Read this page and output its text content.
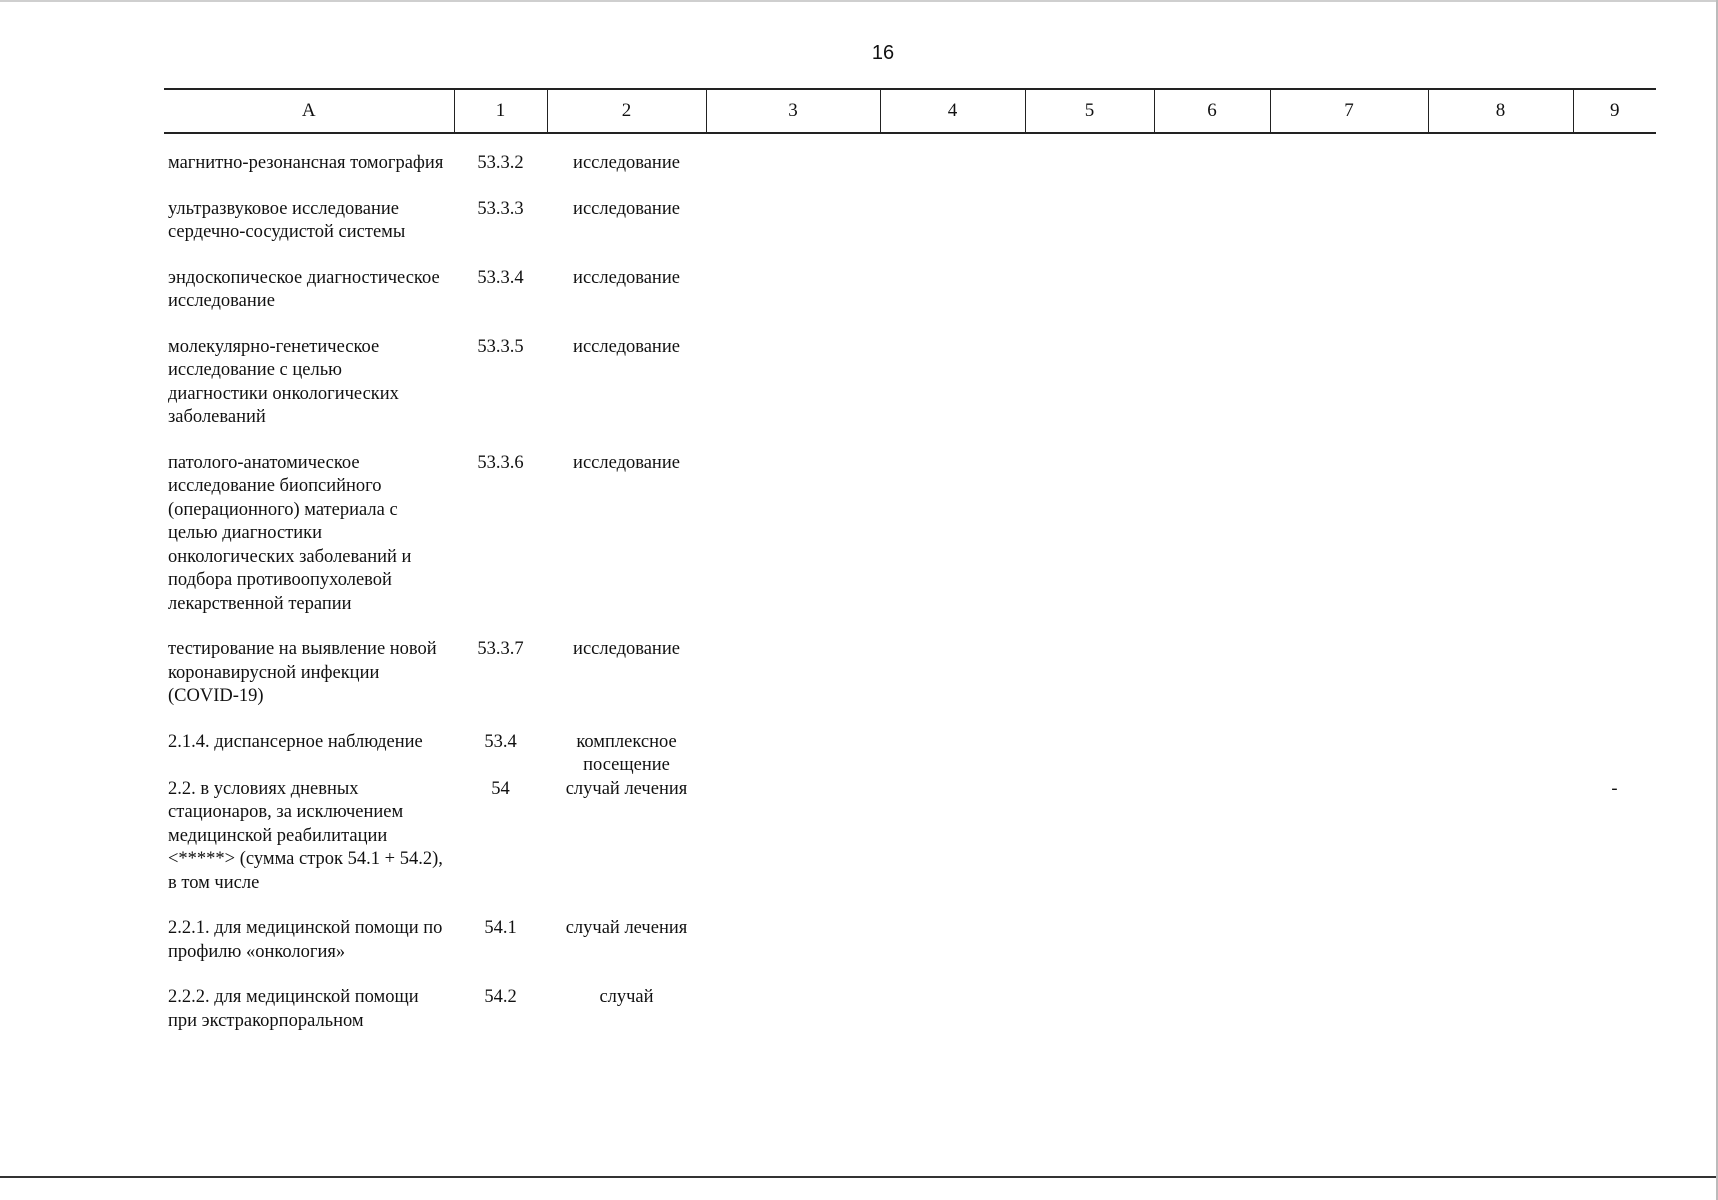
16
А	1	2	3	4	5	6	7	8	9

магнитно-резонансная томография	53.3.2	исследование							
ультразвуковое исследование сердечно-сосудистой системы	53.3.3	исследование							
эндоскопическое диагностическое исследование	53.3.4	исследование							
молекулярно-генетическое исследование с целью диагностики онкологических заболеваний	53.3.5	исследование							
патолого-анатомическое исследование биопсийного (операционного) материала с целью диагностики онкологических заболеваний и подбора противоопухолевой лекарственной терапии	53.3.6	исследование							
тестирование на выявление новой коронавирусной инфекции (COVID-19)	53.3.7	исследование							
2.1.4. диспансерное наблюдение	53.4	комплексное посещение							
2.2. в условиях дневных стационаров, за исключением медицинской реабилитации <*****> (сумма строк 54.1 + 54.2), в том числе	54	случай лечения							-
2.2.1. для медицинской помощи по профилю «онкология»	54.1	случай лечения							
2.2.2. для медицинской помощи при экстракорпоральном	54.2	случай							
